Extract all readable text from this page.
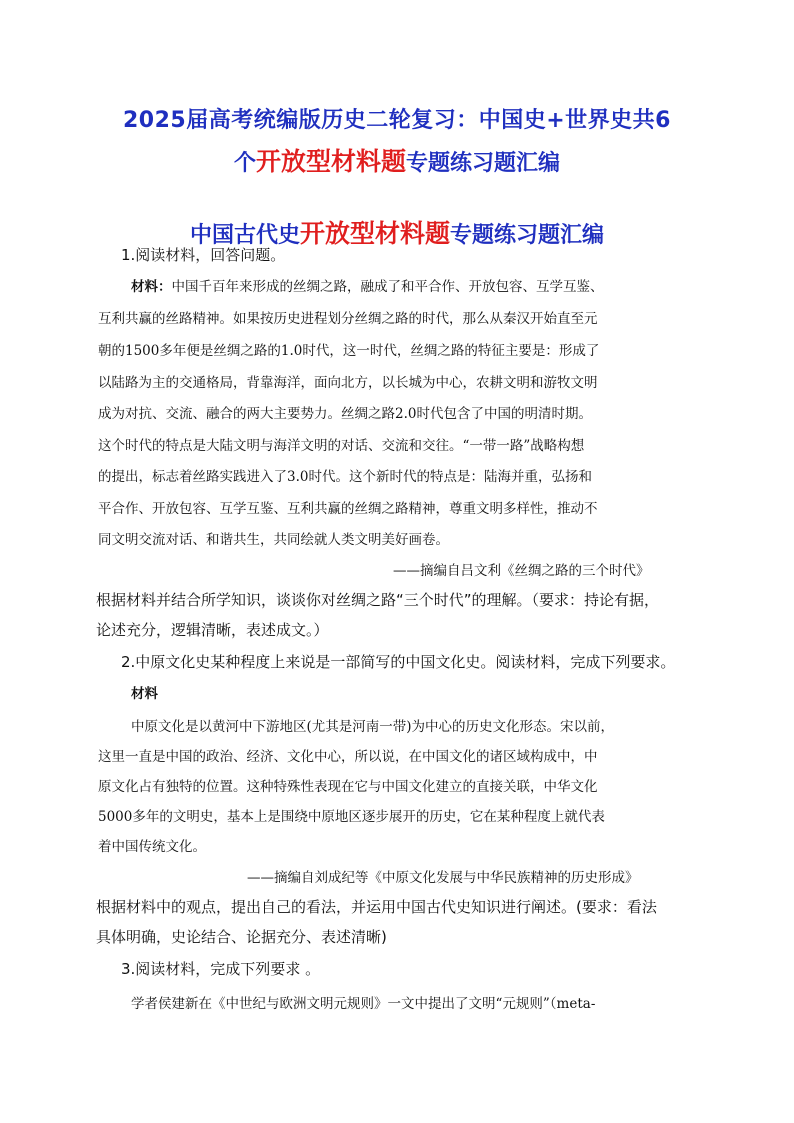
2025届高考统编版历史二轮复习：中国史+世界史共6
个开放型材料题专题练习题汇编
中国古代史开放型材料题专题练习题汇编
1.阅读材料，回答问题。
材料：中国千百年来形成的丝绸之路，融成了和平合作、开放包容、互学互鉴、
互利共赢的丝路精神。如果按历史进程划分丝绸之路的时代，那么从秦汉开始直至元
朝的1500多年便是丝绸之路的1.0时代，这一时代，丝绸之路的特征主要是：形成了
以陆路为主的交通格局，背靠海洋，面向北方，以长城为中心，农耕文明和游牧文明
成为对抗、交流、融合的两大主要势力。丝绸之路2.0时代包含了中国的明清时期。
这个时代的特点是大陆文明与海洋文明的对话、交流和交往。“一带一路”战略构想
的提出，标志着丝路实践进入了3.0时代。这个新时代的特点是：陆海并重，弘扬和
平合作、开放包容、互学互鉴、互利共赢的丝绸之路精神，尊重文明多样性，推动不
同文明交流对话、和谐共生，共同绘就人类文明美好画卷。
——摘编自吕文利《丝绸之路的三个时代》
根据材料并结合所学知识，谈谈你对丝绸之路“三个时代”的理解。（要求：持论有据，
论述充分，逻辑清晰，表述成文。）
2.中原文化史某种程度上来说是一部简写的中国文化史。阅读材料，完成下列要求。
材料
中原文化是以黄河中下游地区(尤其是河南一带)为中心的历史文化形态。宋以前，
这里一直是中国的政治、经济、文化中心，所以说，在中国文化的诸区域构成中，中
原文化占有独特的位置。这种特殊性表现在它与中国文化建立的直接关联，中华文化
5000多年的文明史，基本上是围绕中原地区逐步展开的历史，它在某种程度上就代表
着中国传统文化。
——摘编自刘成纪等《中原文化发展与中华民族精神的历史形成》
根据材料中的观点，提出自己的看法，并运用中国古代史知识进行阐述。(要求：看法
具体明确，史论结合、论据充分、表述清晰)
3.阅读材料，完成下列要求 。
学者侯建新在《中世纪与欧洲文明元规则》一文中提出了文明“元规则”（meta-
